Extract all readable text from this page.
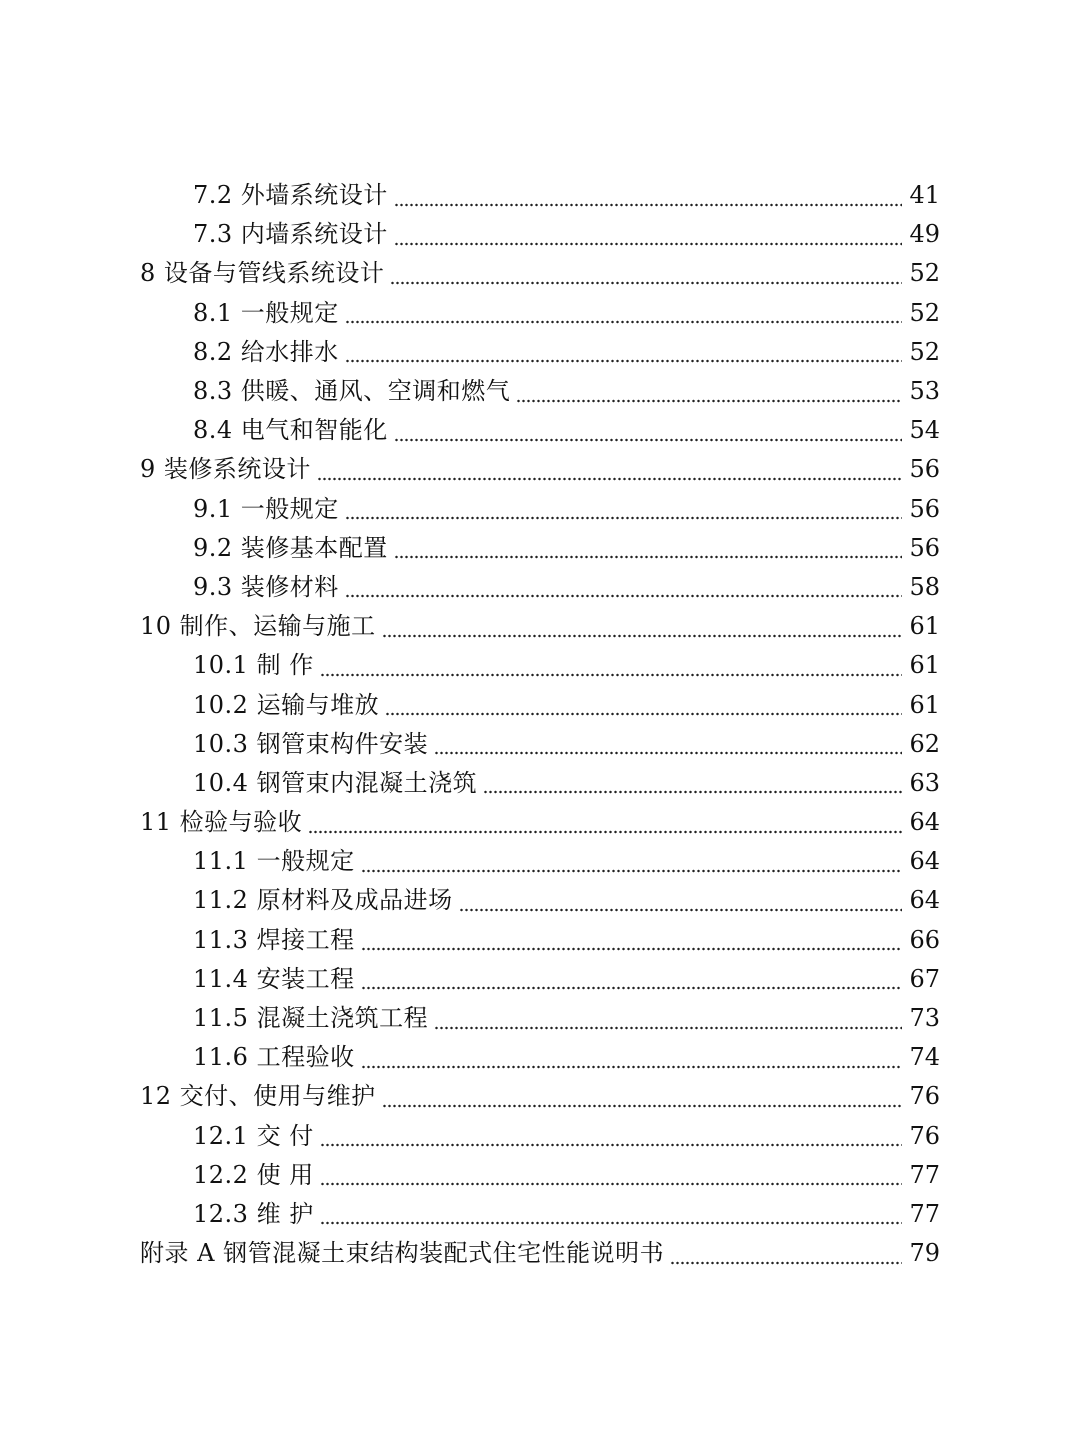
7.2 外墙系统设计	41
7.3 内墙系统设计	49
8 设备与管线系统设计	52
8.1 一般规定	52
8.2 给水排水	52
8.3 供暖、通风、空调和燃气	53
8.4 电气和智能化	54
9 装修系统设计	56
9.1 一般规定	56
9.2 装修基本配置	56
9.3 装修材料	58
10 制作、运输与施工	61
10.1 制 作	61
10.2 运输与堆放	61
10.3 钢管束构件安装	62
10.4 钢管束内混凝土浇筑	63
11 检验与验收	64
11.1 一般规定	64
11.2 原材料及成品进场	64
11.3 焊接工程	66
11.4 安装工程	67
11.5 混凝土浇筑工程	73
11.6 工程验收	74
12 交付、使用与维护	76
12.1 交 付	76
12.2 使 用	77
12.3 维 护	77
附录 A 钢管混凝土束结构装配式住宅性能说明书	79
